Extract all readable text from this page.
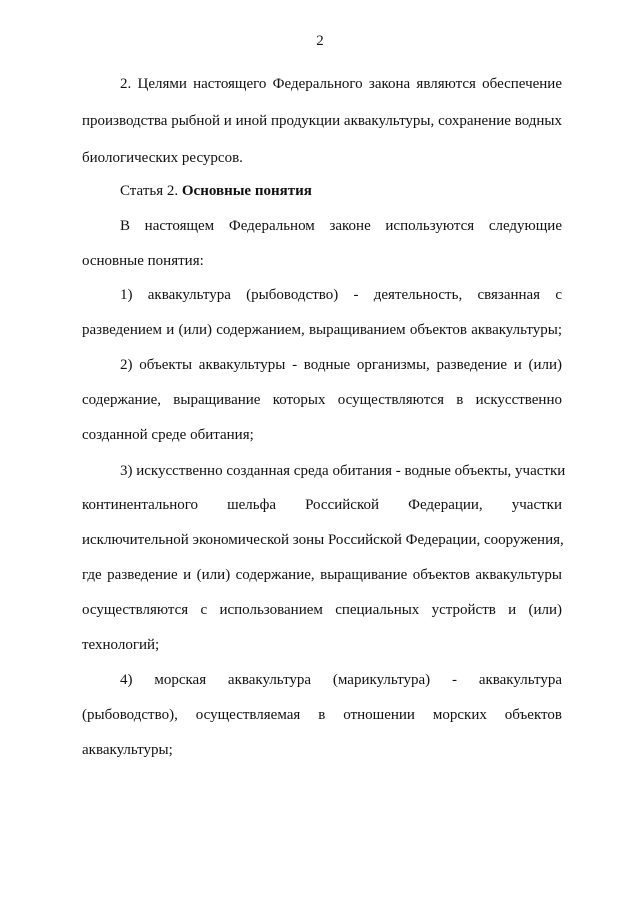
2
2. Целями настоящего Федерального закона являются обеспечение
производства рыбной и иной продукции аквакультуры, сохранение водных
биологических ресурсов.
Статья 2. Основные понятия
В настоящем Федеральном законе используются следующие
основные понятия:
1) аквакультура (рыбоводство) - деятельность, связанная с
разведением и (или) содержанием, выращиванием объектов аквакультуры;
2) объекты аквакультуры - водные организмы, разведение и (или)
содержание, выращивание которых осуществляются в искусственно
созданной среде обитания;
3) искусственно созданная среда обитания - водные объекты, участки
континентального шельфа Российской Федерации, участки
исключительной экономической зоны Российской Федерации, сооружения,
где разведение и (или) содержание, выращивание объектов аквакультуры
осуществляются с использованием специальных устройств и (или)
технологий;
4) морская аквакультура (марикультура) - аквакультура
(рыбоводство), осуществляемая в отношении морских объектов
аквакультуры;
